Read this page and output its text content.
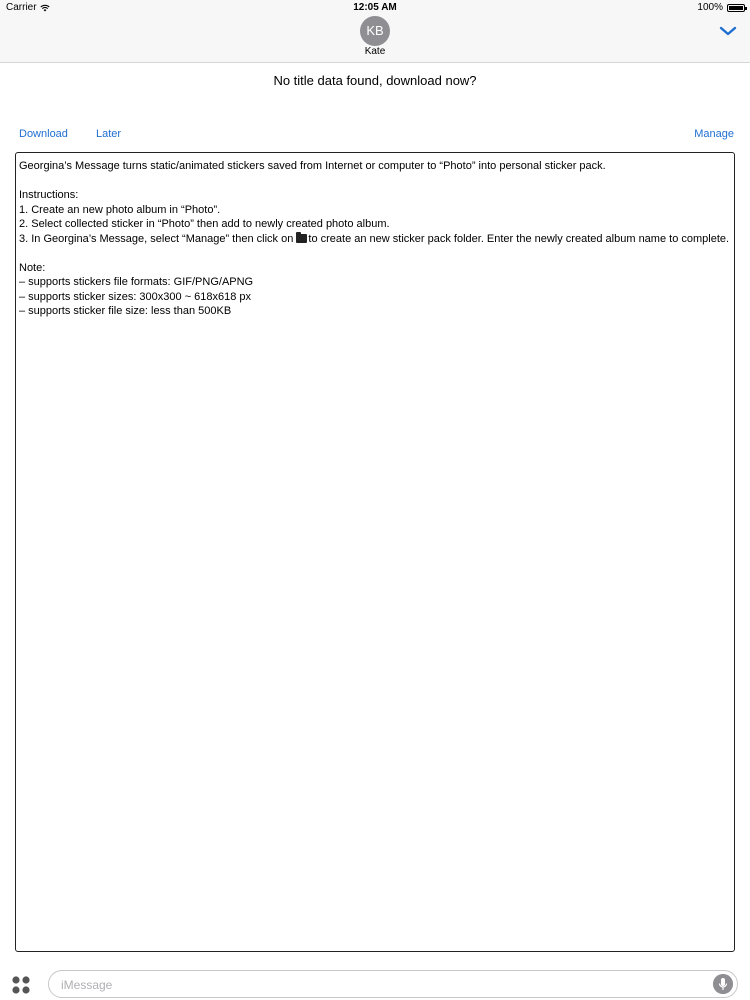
Carrier	12:05 AM	100%
KB
Kate
No title data found, download now?
Download	Later	Manage
Georgina’s Message turns static/animated stickers saved from Internet or computer to “Photo” into personal sticker pack.
Instructions:
1. Create an new photo album in “Photo”.
2. Select collected sticker in “Photo” then add to newly created photo album.
3. In Georgina’s Message, select “Manage” then click on to create an new sticker pack folder. Enter the newly created album name to complete.
Note:
– supports stickers file formats: GIF/PNG/APNG
– supports sticker sizes: 300x300 ~ 618x618 px
– supports sticker file size: less than 500KB
iMessage
